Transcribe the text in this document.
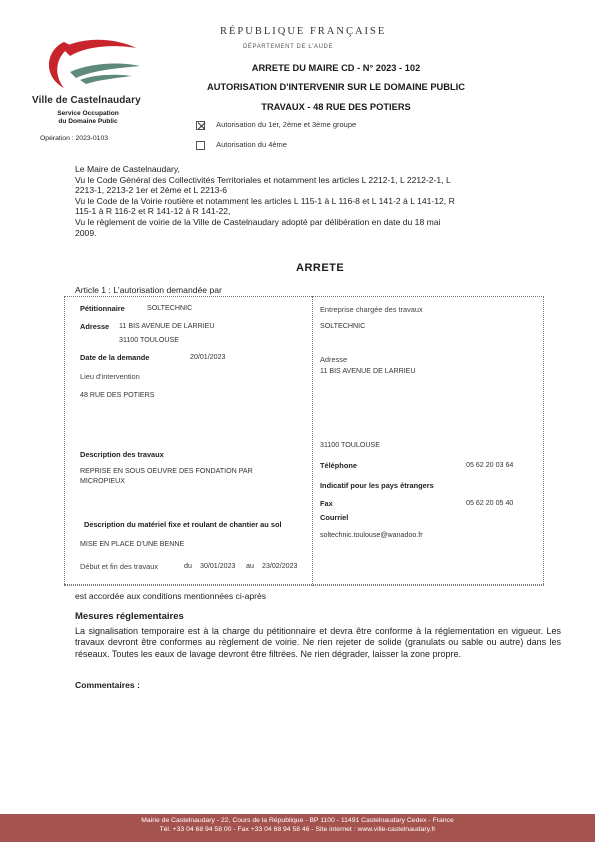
Ville de Castelnaudary
Service Occupation
du Domaine Public
Opération : 2023-0103
RÉPUBLIQUE FRANÇAISE
DÉPARTEMENT DE L'AUDE
ARRETE DU MAIRE CD - N° 2023 - 102
AUTORISATION D'INTERVENIR SUR LE DOMAINE PUBLIC
TRAVAUX - 48 RUE DES POTIERS
Autorisation du 1er, 2ème et 3ème groupe
Autorisation du 4ème
Le Maire de Castelnaudary,
Vu le Code Général des Collectivités Territoriales et notamment les articles L 2212-1, L 2212-2-1, L
2213-1, 2213-2 1er et 2ème et L 2213-6
Vu le Code de la Voirie routière et notamment les articles L 115-1 à L 116-8 et L 141-2 à L 141-12, R
115-1 à R 116-2 et R 141-12 à R 141-22,
Vu le règlement de voirie de la Ville de Castelnaudary adopté par délibération en date du 18 mai
2009.
ARRETE
Article 1 : L'autorisation demandée par
Pétitionnaire	SOLTECHNIC
Adresse 11 BIS AVENUE DE LARRIEU
31100 TOULOUSE
Date de la demande	20/01/2023
Lieu d'intervention
48 RUE DES POTIERS
Description des travaux
REPRISE EN SOUS OEUVRE DES FONDATION PAR
MICROPIEUX
Description du matériel fixe et roulant de chantier au sol
MISE EN PLACE D'UNE BENNE
Début et fin des travaux	du 30/01/2023 au 23/02/2023
Entreprise chargée des travaux
SOLTECHNIC
Adresse
11 BIS AVENUE DE LARRIEU
31100 TOULOUSE
Téléphone	05 62 20 03 64
Indicatif pour les pays étrangers
Fax	05 62 20 05 40
Courriel
soltechnic.toulouse@wanadoo.fr
est accordée aux conditions mentionnées ci-après
Mesures réglementaires
La signalisation temporaire est à la charge du pétitionnaire et devra être conforme à la réglementation en vigueur. Les travaux devront être conformes au règlement de voirie. Ne rien rejeter de solide (granulats ou sable ou autre) dans les réseaux. Toutes les eaux de lavage devront être filtrées. Ne rien dégrader, laisser la zone propre.
Commentaires :
Mairie de Castelnaudary - 22, Cours de la République - BP 1100 - 11491 Castelnaudary Cedex - France
Tél. +33 04 68 94 58 00 - Fax +33 04 68 94 58 46 - Site internet : www.ville-castelnaudary.fr
